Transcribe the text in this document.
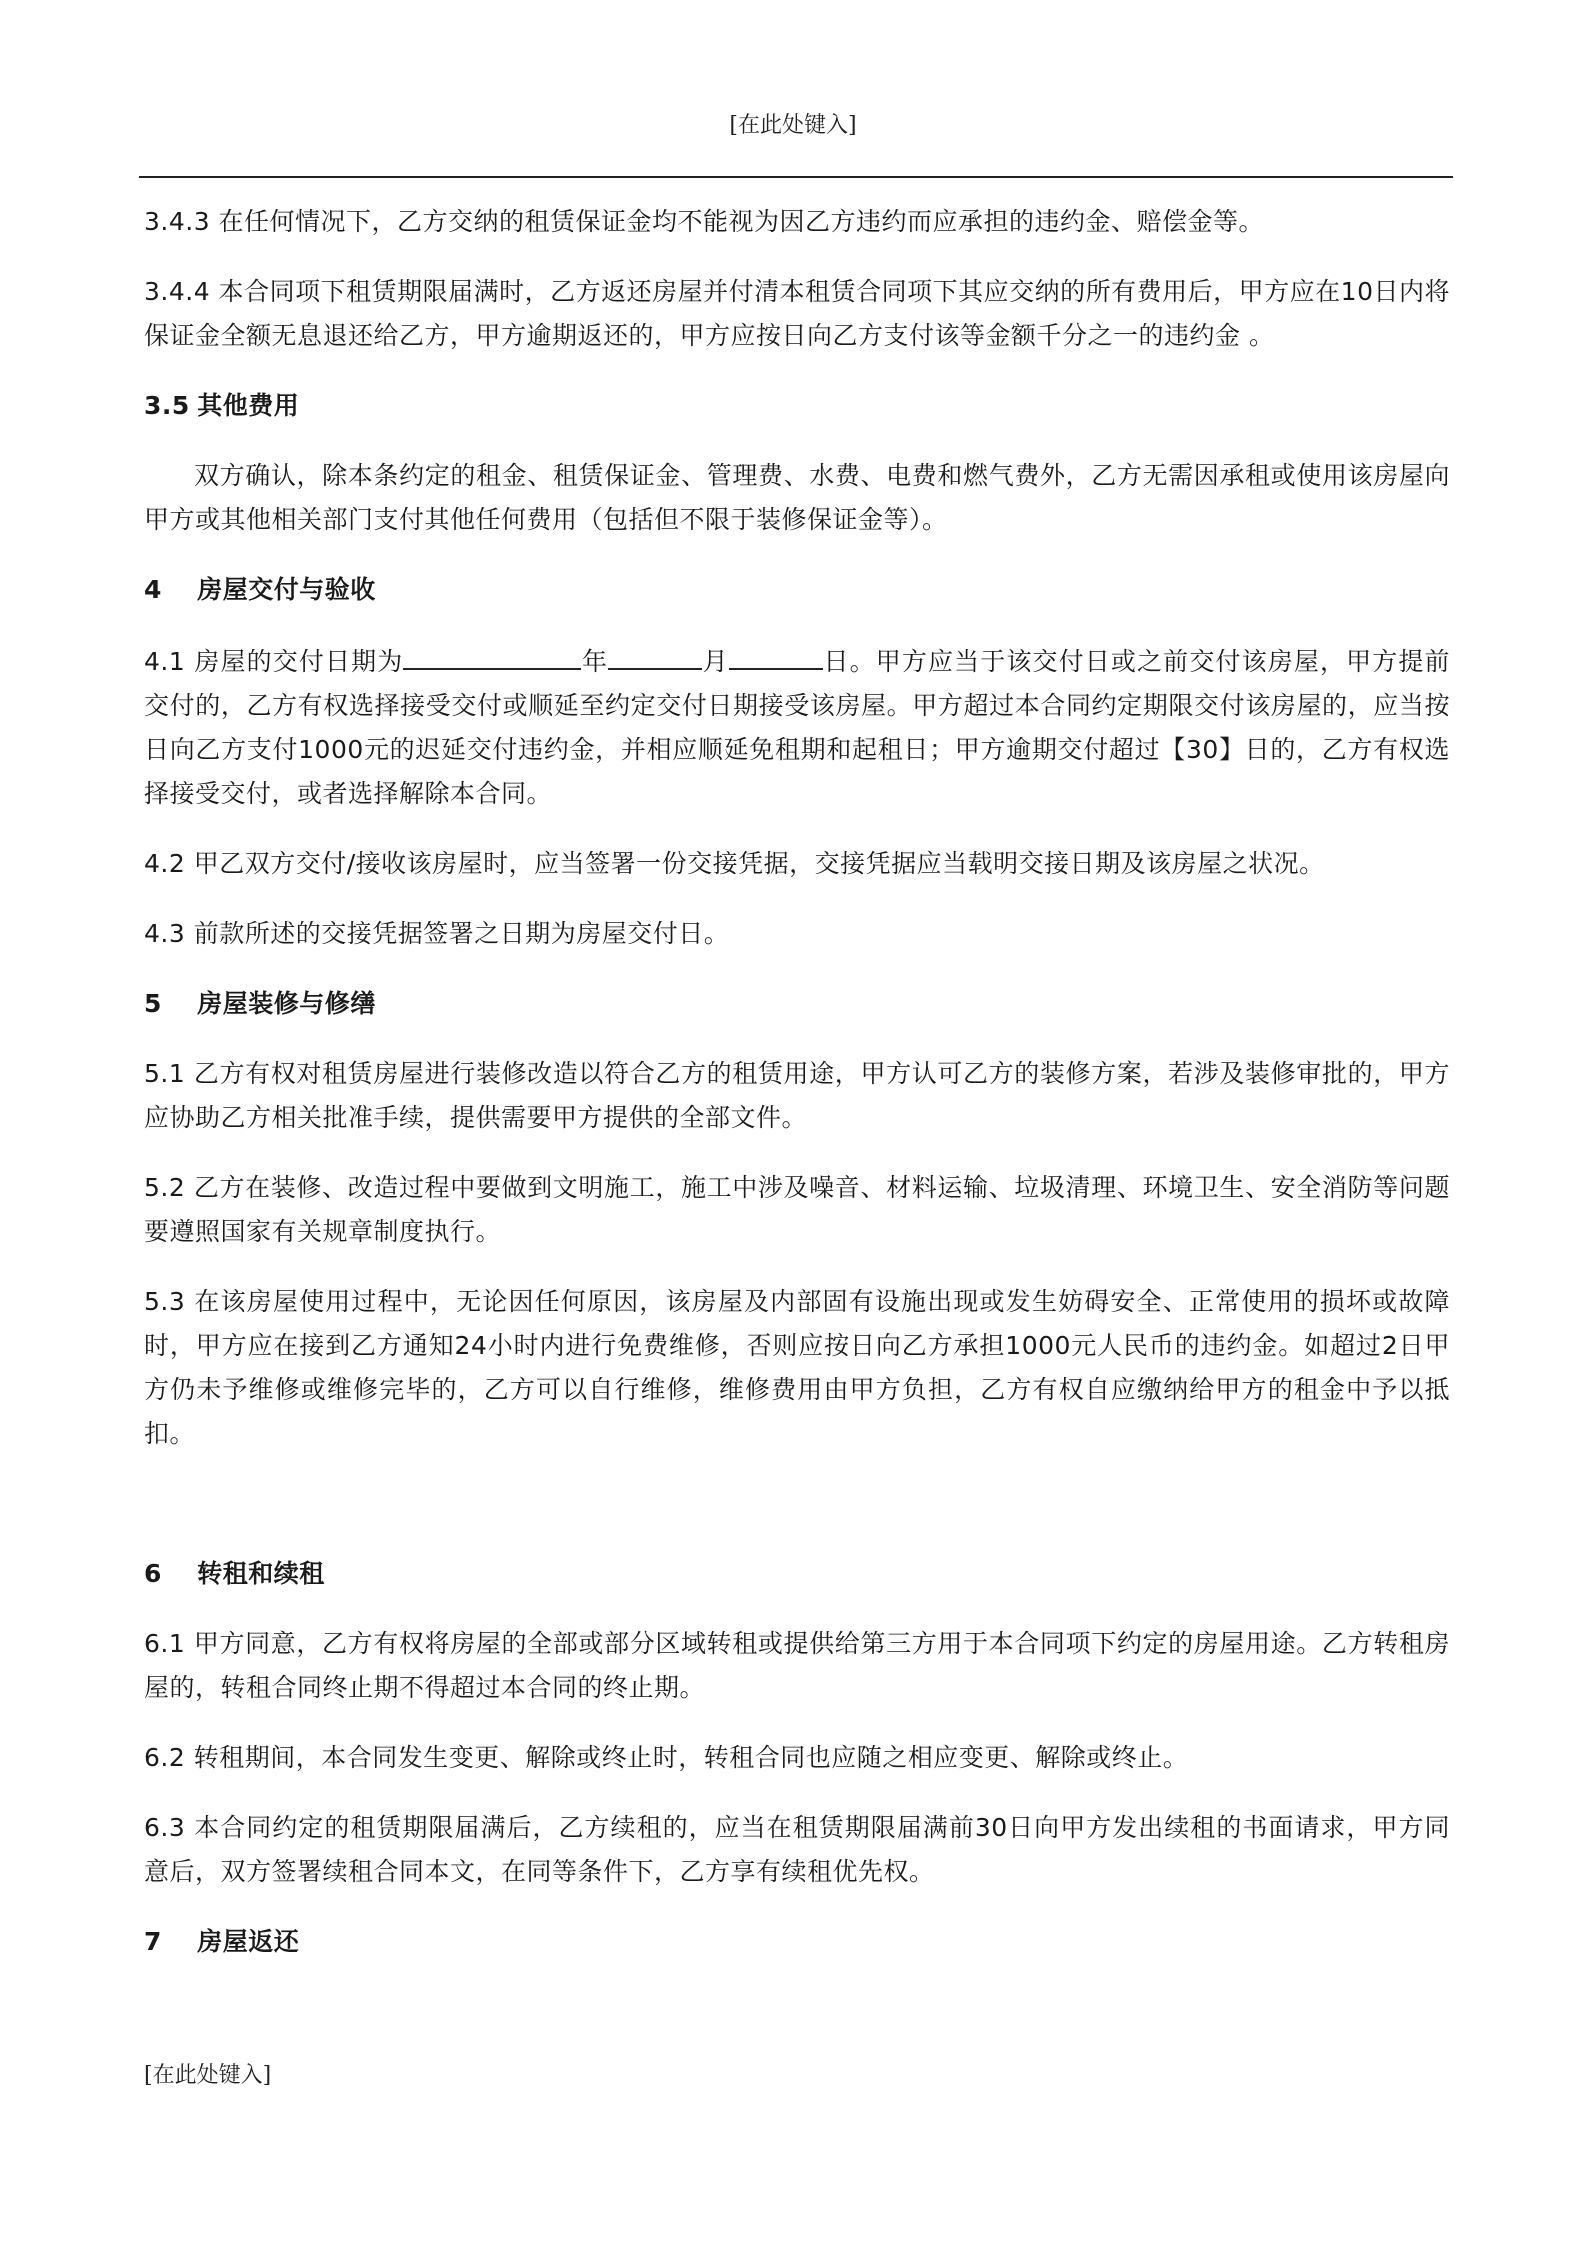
[在此处键入]

3.4.3 在任何情况下，乙方交纳的租赁保证金均不能视为因乙方违约而应承担的违约金、赔偿金等。

3.4.4 本合同项下租赁期限届满时，乙方返还房屋并付清本租赁合同项下其应交纳的所有费用后，甲方应在10日内将保证金全额无息退还给乙方，甲方逾期返还的，甲方应按日向乙方支付该等金额千分之一的违约金 。

3.5 其他费用

双方确认，除本条约定的租金、租赁保证金、管理费、水费、电费和燃气费外，乙方无需因承租或使用该房屋向甲方或其他相关部门支付其他任何费用（包括但不限于装修保证金等）。

4 房屋交付与验收

4.1 房屋的交付日期为	年	月	日。甲方应当于该交付日或之前交付该房屋，甲方提前交付的，乙方有权选择接受交付或顺延至约定交付日期接受该房屋。甲方超过本合同约定期限交付该房屋的，应当按日向乙方支付1000元的迟延交付违约金，并相应顺延免租期和起租日；甲方逾期交付超过【30】日的，乙方有权选择接受交付，或者选择解除本合同。

4.2 甲乙双方交付/接收该房屋时，应当签署一份交接凭据，交接凭据应当载明交接日期及该房屋之状况。

4.3 前款所述的交接凭据签署之日期为房屋交付日。

5 房屋装修与修缮

5.1 乙方有权对租赁房屋进行装修改造以符合乙方的租赁用途，甲方认可乙方的装修方案，若涉及装修审批的，甲方应协助乙方相关批准手续，提供需要甲方提供的全部文件。

5.2 乙方在装修、改造过程中要做到文明施工，施工中涉及噪音、材料运输、垃圾清理、环境卫生、安全消防等问题要遵照国家有关规章制度执行。

5.3 在该房屋使用过程中，无论因任何原因，该房屋及内部固有设施出现或发生妨碍安全、正常使用的损坏或故障时，甲方应在接到乙方通知24小时内进行免费维修，否则应按日向乙方承担1000元人民币的违约金。如超过2日甲方仍未予维修或维修完毕的，乙方可以自行维修，维修费用由甲方负担，乙方有权自应缴纳给甲方的租金中予以抵扣。

6 转租和续租

6.1 甲方同意，乙方有权将房屋的全部或部分区域转租或提供给第三方用于本合同项下约定的房屋用途。乙方转租房屋的，转租合同终止期不得超过本合同的终止期。

6.2 转租期间，本合同发生变更、解除或终止时，转租合同也应随之相应变更、解除或终止。

6.3 本合同约定的租赁期限届满后，乙方续租的，应当在租赁期限届满前30日向甲方发出续租的书面请求，甲方同意后，双方签署续租合同本文，在同等条件下，乙方享有续租优先权。

7 房屋返还
[在此处键入]
